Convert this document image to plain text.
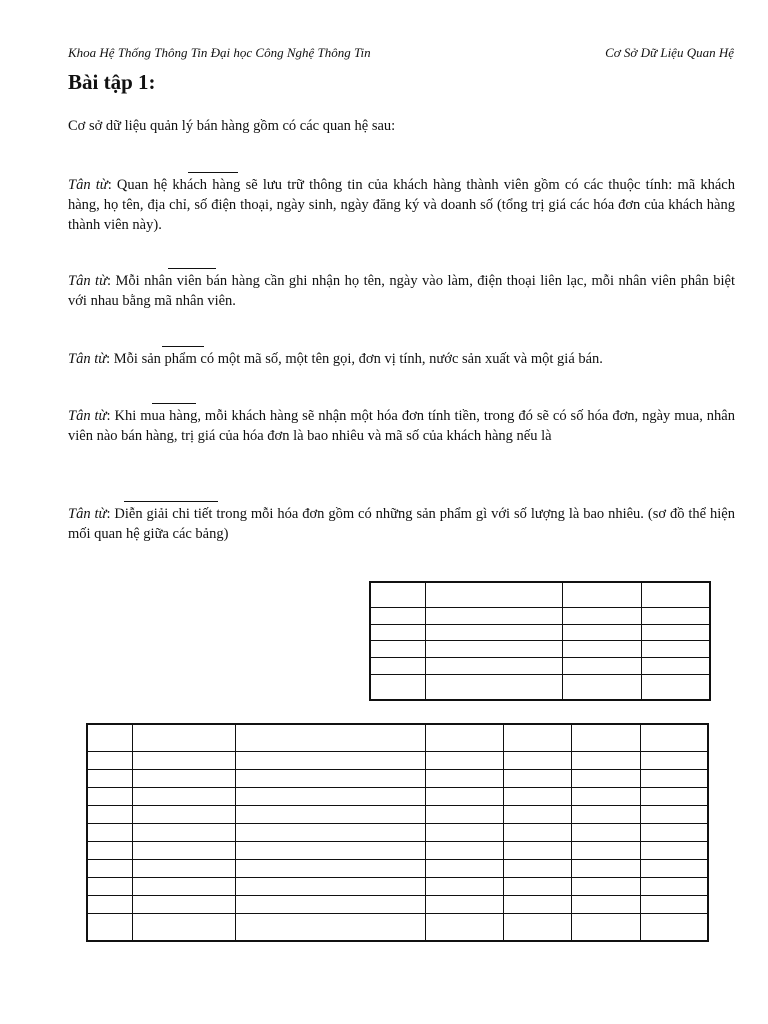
Khoa Hệ Thống Thông Tin Đại học Công Nghệ Thông Tin	Cơ Sở Dữ Liệu Quan Hệ
Bài tập 1:
Cơ sở dữ liệu quản lý bán hàng gồm có các quan hệ sau:

Tân từ: Quan hệ khách hàng sẽ lưu trữ thông tin của khách hàng thành viên gồm có các thuộc tính: mã khách hàng, họ tên, địa chỉ, số điện thoại, ngày sinh, ngày đăng ký và doanh số (tổng trị giá các hóa đơn của khách hàng thành viên này).

Tân từ: Mỗi nhân viên bán hàng cần ghi nhận họ tên, ngày vào làm, điện thoại liên lạc, mỗi nhân viên phân biệt với nhau bằng mã nhân viên.

Tân từ: Mỗi sản phẩm có một mã số, một tên gọi, đơn vị tính, nước sản xuất và một giá bán.

Tân từ: Khi mua hàng, mỗi khách hàng sẽ nhận một hóa đơn tính tiền, trong đó sẽ có số hóa đơn, ngày mua, nhân viên nào bán hàng, trị giá của hóa đơn là bao nhiêu và mã số của khách hàng nếu là

Tân từ: Diễn giải chi tiết trong mỗi hóa đơn gồm có những sản phẩm gì với số lượng là bao nhiêu. (sơ đồ thể hiện mối quan hệ giữa các bảng)
